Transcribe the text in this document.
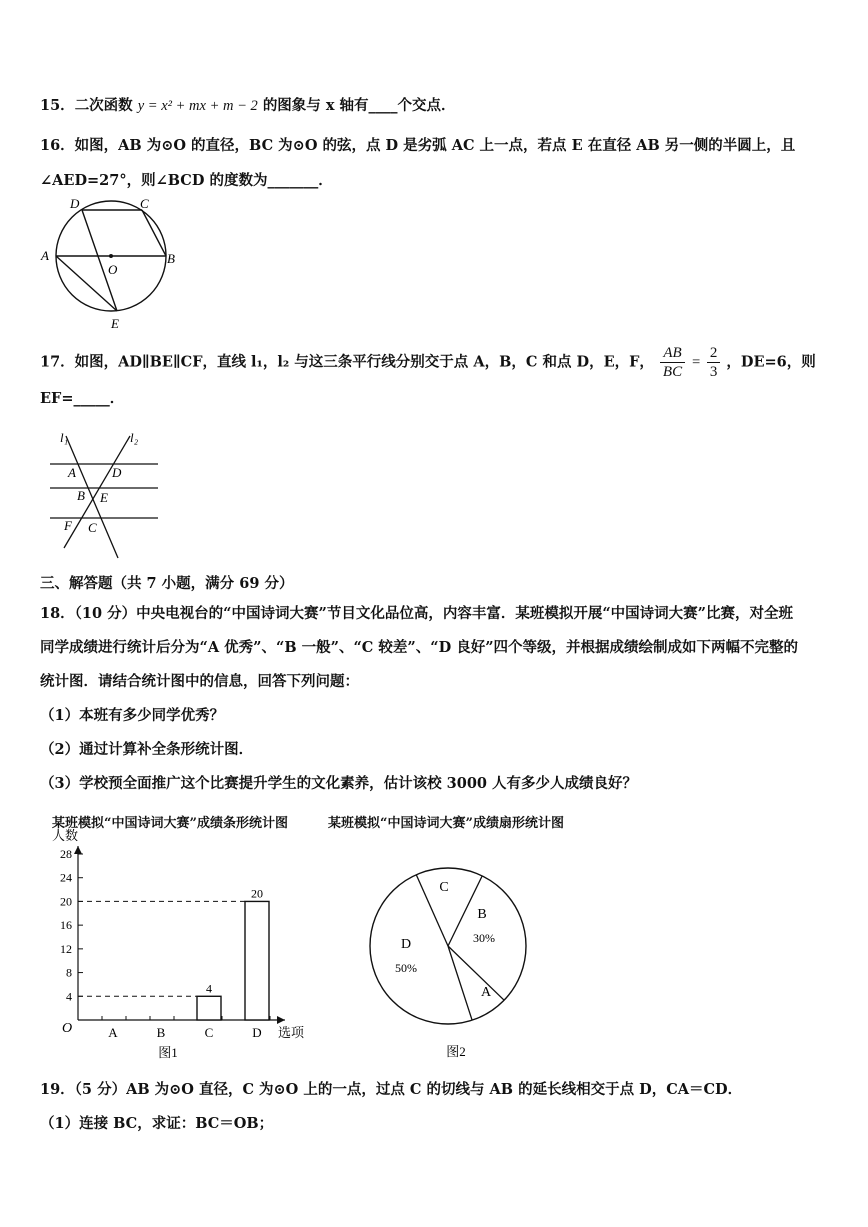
15．二次函数 y = x² + mx + m − 2 的图象与 x 轴有____个交点．
16．如图，AB 为⊙O 的直径，BC 为⊙O 的弦，点 D 是劣弧 AC 上一点，若点 E 在直径 AB 另一侧的半圆上，且
∠AED=27°，则∠BCD 的度数为_______．
D	C
A	B
O
E
17．如图，AD∥BE∥CF，直线 l₁，l₂ 与这三条平行线分别交于点 A，B，C 和点 D，E，F， $\frac{AB}{BC} = \frac{2}{3}$ ，DE=6，则
EF=_____．
l₁	l₂
A	D
B E
F C
三、解答题（共 7 小题，满分 69 分）
18．（10 分）中央电视台的“中国诗词大赛”节目文化品位高，内容丰富．某班模拟开展“中国诗词大赛”比赛，对全班
同学成绩进行统计后分为“A 优秀”、“B 一般”、“C 较差”、“D 良好”四个等级，并根据成绩绘制成如下两幅不完整的
统计图．请结合统计图中的信息，回答下列问题：
（1）本班有多少同学优秀？
（2）通过计算补全条形统计图．
（3）学校预全面推广这个比赛提升学生的文化素养，估计该校 3000 人有多少人成绩良好？
某班模拟“中国诗词大赛”成绩条形统计图	某班模拟“中国诗词大赛”成绩扇形统计图
人数
选项
O
4
8
12
16
20
24
28
A	B	C
4
D
20
图1
C
B
30%
A
D
50%
图2
19．（5 分）AB 为⊙O 直径，C 为⊙O 上的一点，过点 C 的切线与 AB 的延长线相交于点 D，CA＝CD．
（1）连接 BC，求证：BC＝OB；
